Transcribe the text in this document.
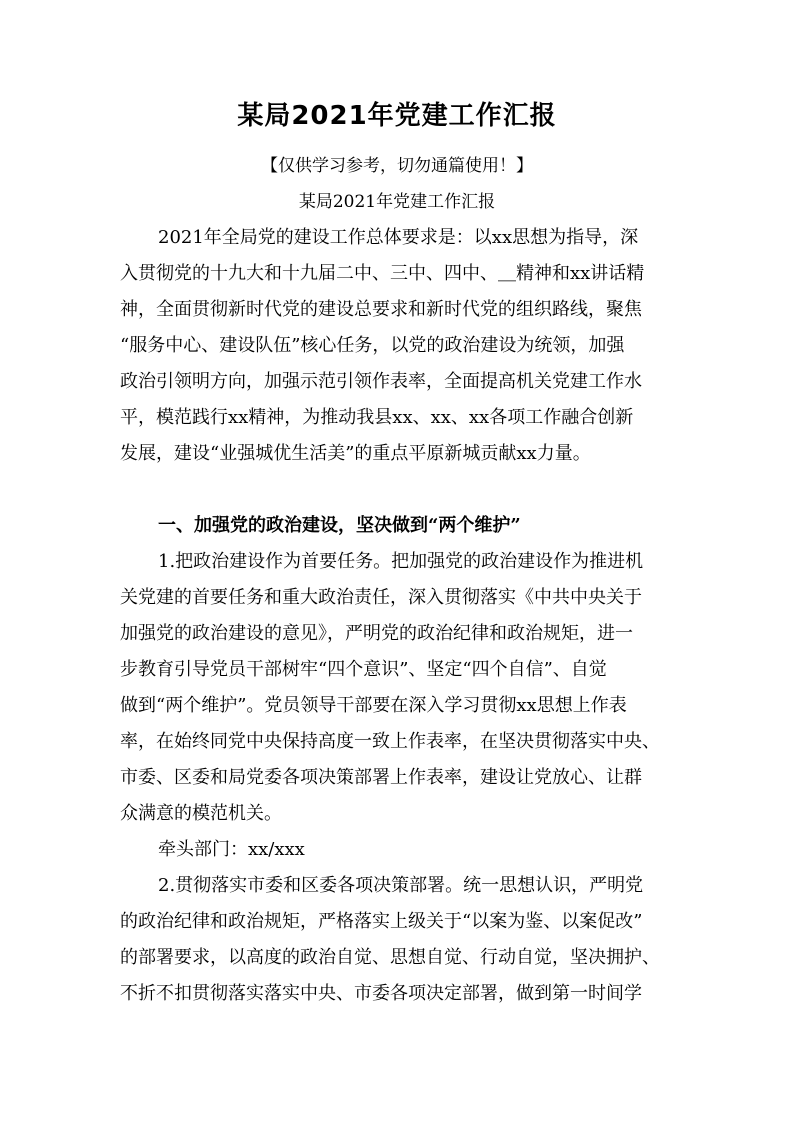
某局2021年党建工作汇报
【仅供学习参考，切勿通篇使用！】
某局2021年党建工作汇报
2021年全局党的建设工作总体要求是：以xx思想为指导，深
入贯彻党的十九大和十九届二中、三中、四中、＿精神和xx讲话精
神，全面贯彻新时代党的建设总要求和新时代党的组织路线，聚焦
“服务中心、建设队伍”核心任务，以党的政治建设为统领，加强
政治引领明方向，加强示范引领作表率，全面提高机关党建工作水
平，模范践行xx精神，为推动我县xx、xx、xx各项工作融合创新
发展，建设“业强城优生活美”的重点平原新城贡献xx力量。
一、加强党的政治建设，坚决做到“两个维护”
1.把政治建设作为首要任务。把加强党的政治建设作为推进机
关党建的首要任务和重大政治责任，深入贯彻落实《中共中央关于
加强党的政治建设的意见》，严明党的政治纪律和政治规矩，进一
步教育引导党员干部树牢“四个意识”、坚定“四个自信”、自觉
做到“两个维护”。党员领导干部要在深入学习贯彻xx思想上作表
率，在始终同党中央保持高度一致上作表率，在坚决贯彻落实中央、
市委、区委和局党委各项决策部署上作表率，建设让党放心、让群
众满意的模范机关。
牵头部门：xx/xxx
2.贯彻落实市委和区委各项决策部署。统一思想认识，严明党
的政治纪律和政治规矩，严格落实上级关于“以案为鉴、以案促改”
的部署要求，以高度的政治自觉、思想自觉、行动自觉，坚决拥护、
不折不扣贯彻落实落实中央、市委各项决定部署，做到第一时间学
